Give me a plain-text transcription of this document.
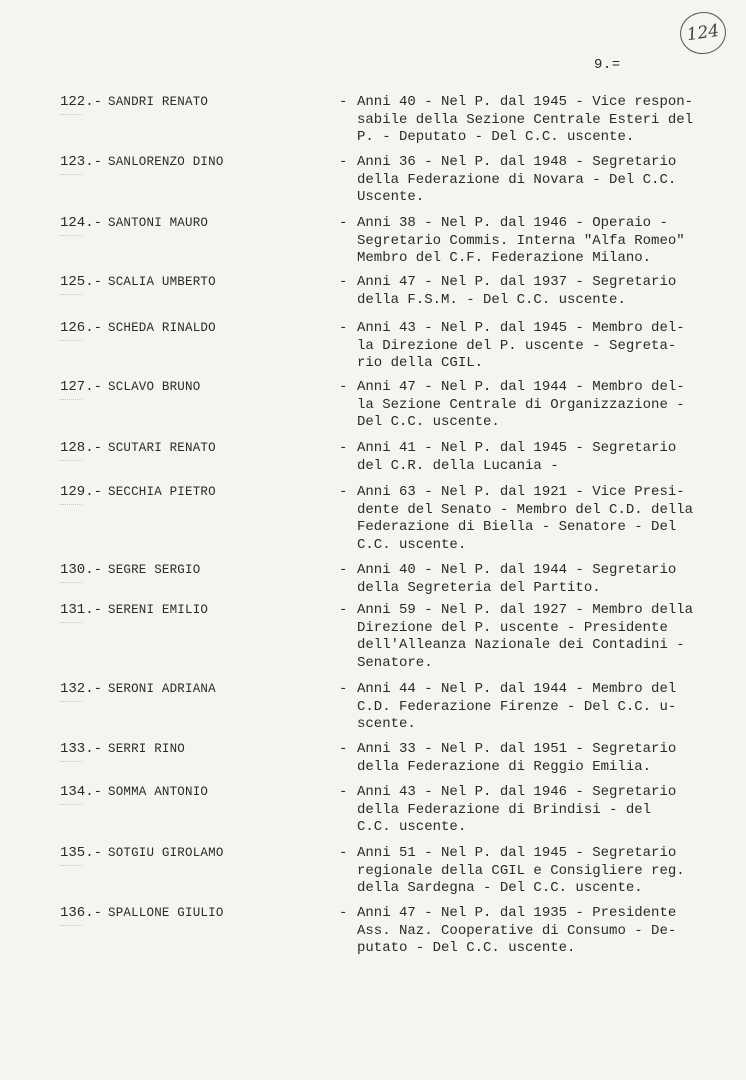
124
9.=
122.- SANDRI RENATO	- Anni 40 - Nel P. dal 1945 - Vice respon-
sabile della Sezione Centrale Esteri del
P. - Deputato - Del C.C. uscente.
123.- SANLORENZO DINO	- Anni 36 - Nel P. dal 1948 - Segretario
della Federazione di Novara - Del C.C.
Uscente.
124.- SANTONI MAURO	- Anni 38 - Nel P. dal 1946 - Operaio -
Segretario Commis. Interna "Alfa Romeo"
Membro del C.F. Federazione Milano.
125.- SCALIA UMBERTO	- Anni 47 - Nel P. dal 1937 - Segretario
della F.S.M. - Del C.C. uscente.
126.- SCHEDA RINALDO	- Anni 43 - Nel P. dal 1945 - Membro del-
la Direzione del P. uscente - Segreta-
rio della CGIL.
127.- SCLAVO BRUNO	- Anni 47 - Nel P. dal 1944 - Membro del-
la Sezione Centrale di Organizzazione -
Del C.C. uscente.
128.- SCUTARI RENATO	- Anni 41 - Nel P. dal 1945 - Segretario
del C.R. della Lucania -
129.- SECCHIA PIETRO	- Anni 63 - Nel P. dal 1921 - Vice Presi-
dente del Senato - Membro del C.D. della
Federazione di Biella - Senatore - Del
C.C. uscente.
130.- SEGRE SERGIO	- Anni 40 - Nel P. dal 1944 - Segretario
della Segreteria del Partito.
131.- SERENI EMILIO	- Anni 59 - Nel P. dal 1927 - Membro della
Direzione del P. uscente - Presidente
dell'Alleanza Nazionale dei Contadini -
Senatore.
132.- SERONI ADRIANA	- Anni 44 - Nel P. dal 1944 - Membro del
C.D. Federazione Firenze - Del C.C. u-
scente.
133.- SERRI RINO	- Anni 33 - Nel P. dal 1951 - Segretario
della Federazione di Reggio Emilia.
134.- SOMMA ANTONIO	- Anni 43 - Nel P. dal 1946 - Segretario
della Federazione di Brindisi - del
C.C. uscente.
135.- SOTGIU GIROLAMO	- Anni 51 - Nel P. dal 1945 - Segretario
regionale della CGIL e Consigliere reg.
della Sardegna - Del C.C. uscente.
136.- SPALLONE GIULIO	- Anni 47 - Nel P. dal 1935 - Presidente
Ass. Naz. Cooperative di Consumo - De-
putato - Del C.C. uscente.
